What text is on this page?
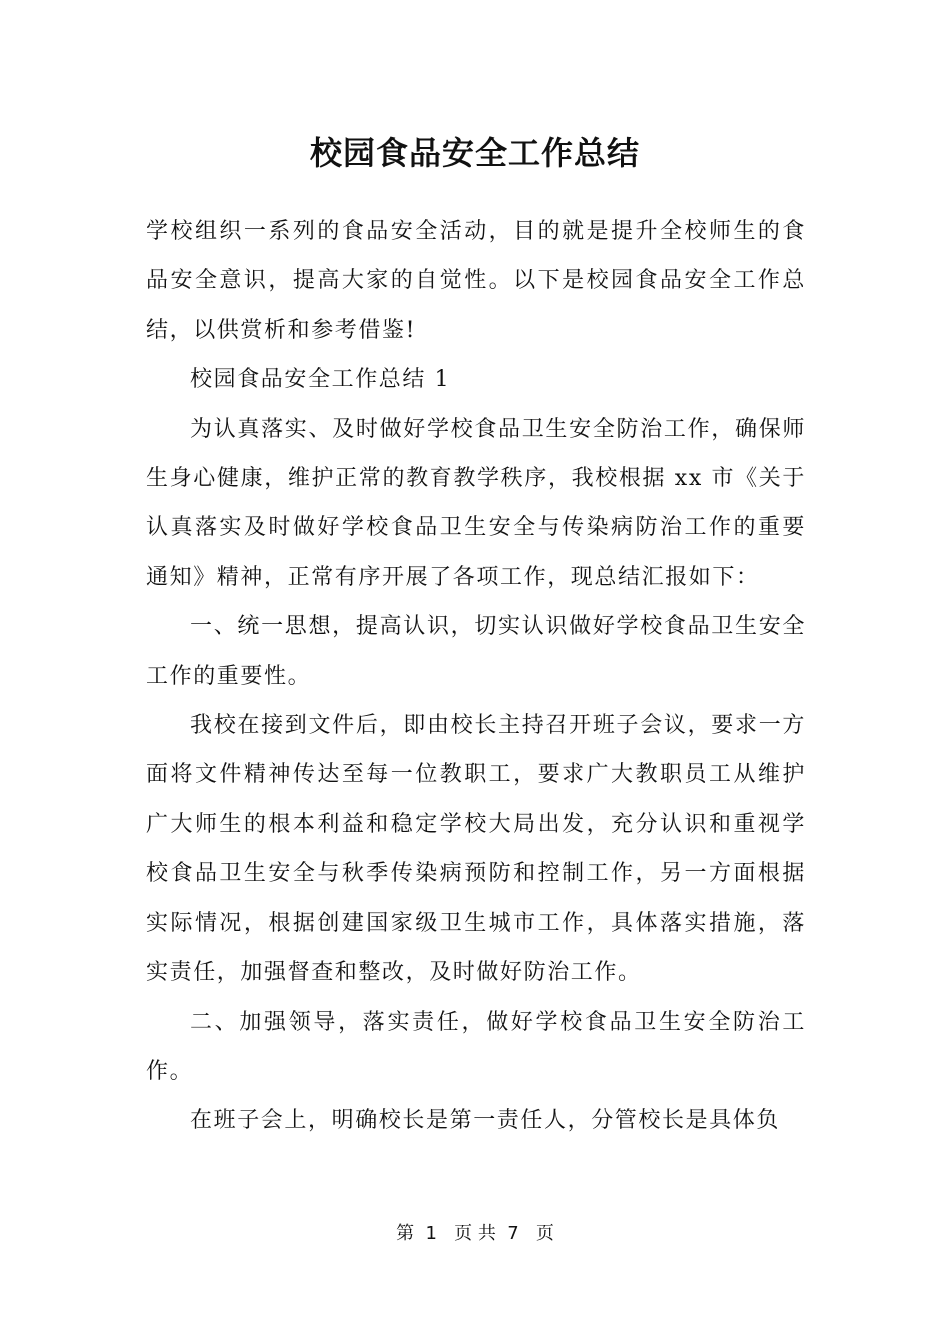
校园食品安全工作总结

学校组织一系列的食品安全活动，目的就是提升全校师生的食品安全意识，提高大家的自觉性。以下是校园食品安全工作总结，以供赏析和参考借鉴!

校园食品安全工作总结 1

为认真落实、及时做好学校食品卫生安全防治工作，确保师生身心健康，维护正常的教育教学秩序，我校根据 xx 市《关于认真落实及时做好学校食品卫生安全与传染病防治工作的重要通知》精神，正常有序开展了各项工作，现总结汇报如下：

一、统一思想，提高认识，切实认识做好学校食品卫生安全工作的重要性。

我校在接到文件后，即由校长主持召开班子会议，要求一方面将文件精神传达至每一位教职工，要求广大教职员工从维护广大师生的根本利益和稳定学校大局出发，充分认识和重视学校食品卫生安全与秋季传染病预防和控制工作，另一方面根据实际情况，根据创建国家级卫生城市工作，具体落实措施，落实责任，加强督查和整改，及时做好防治工作。

二、加强领导，落实责任，做好学校食品卫生安全防治工作。

在班子会上，明确校长是第一责任人，分管校长是具体负

第  1   页 共  7   页
